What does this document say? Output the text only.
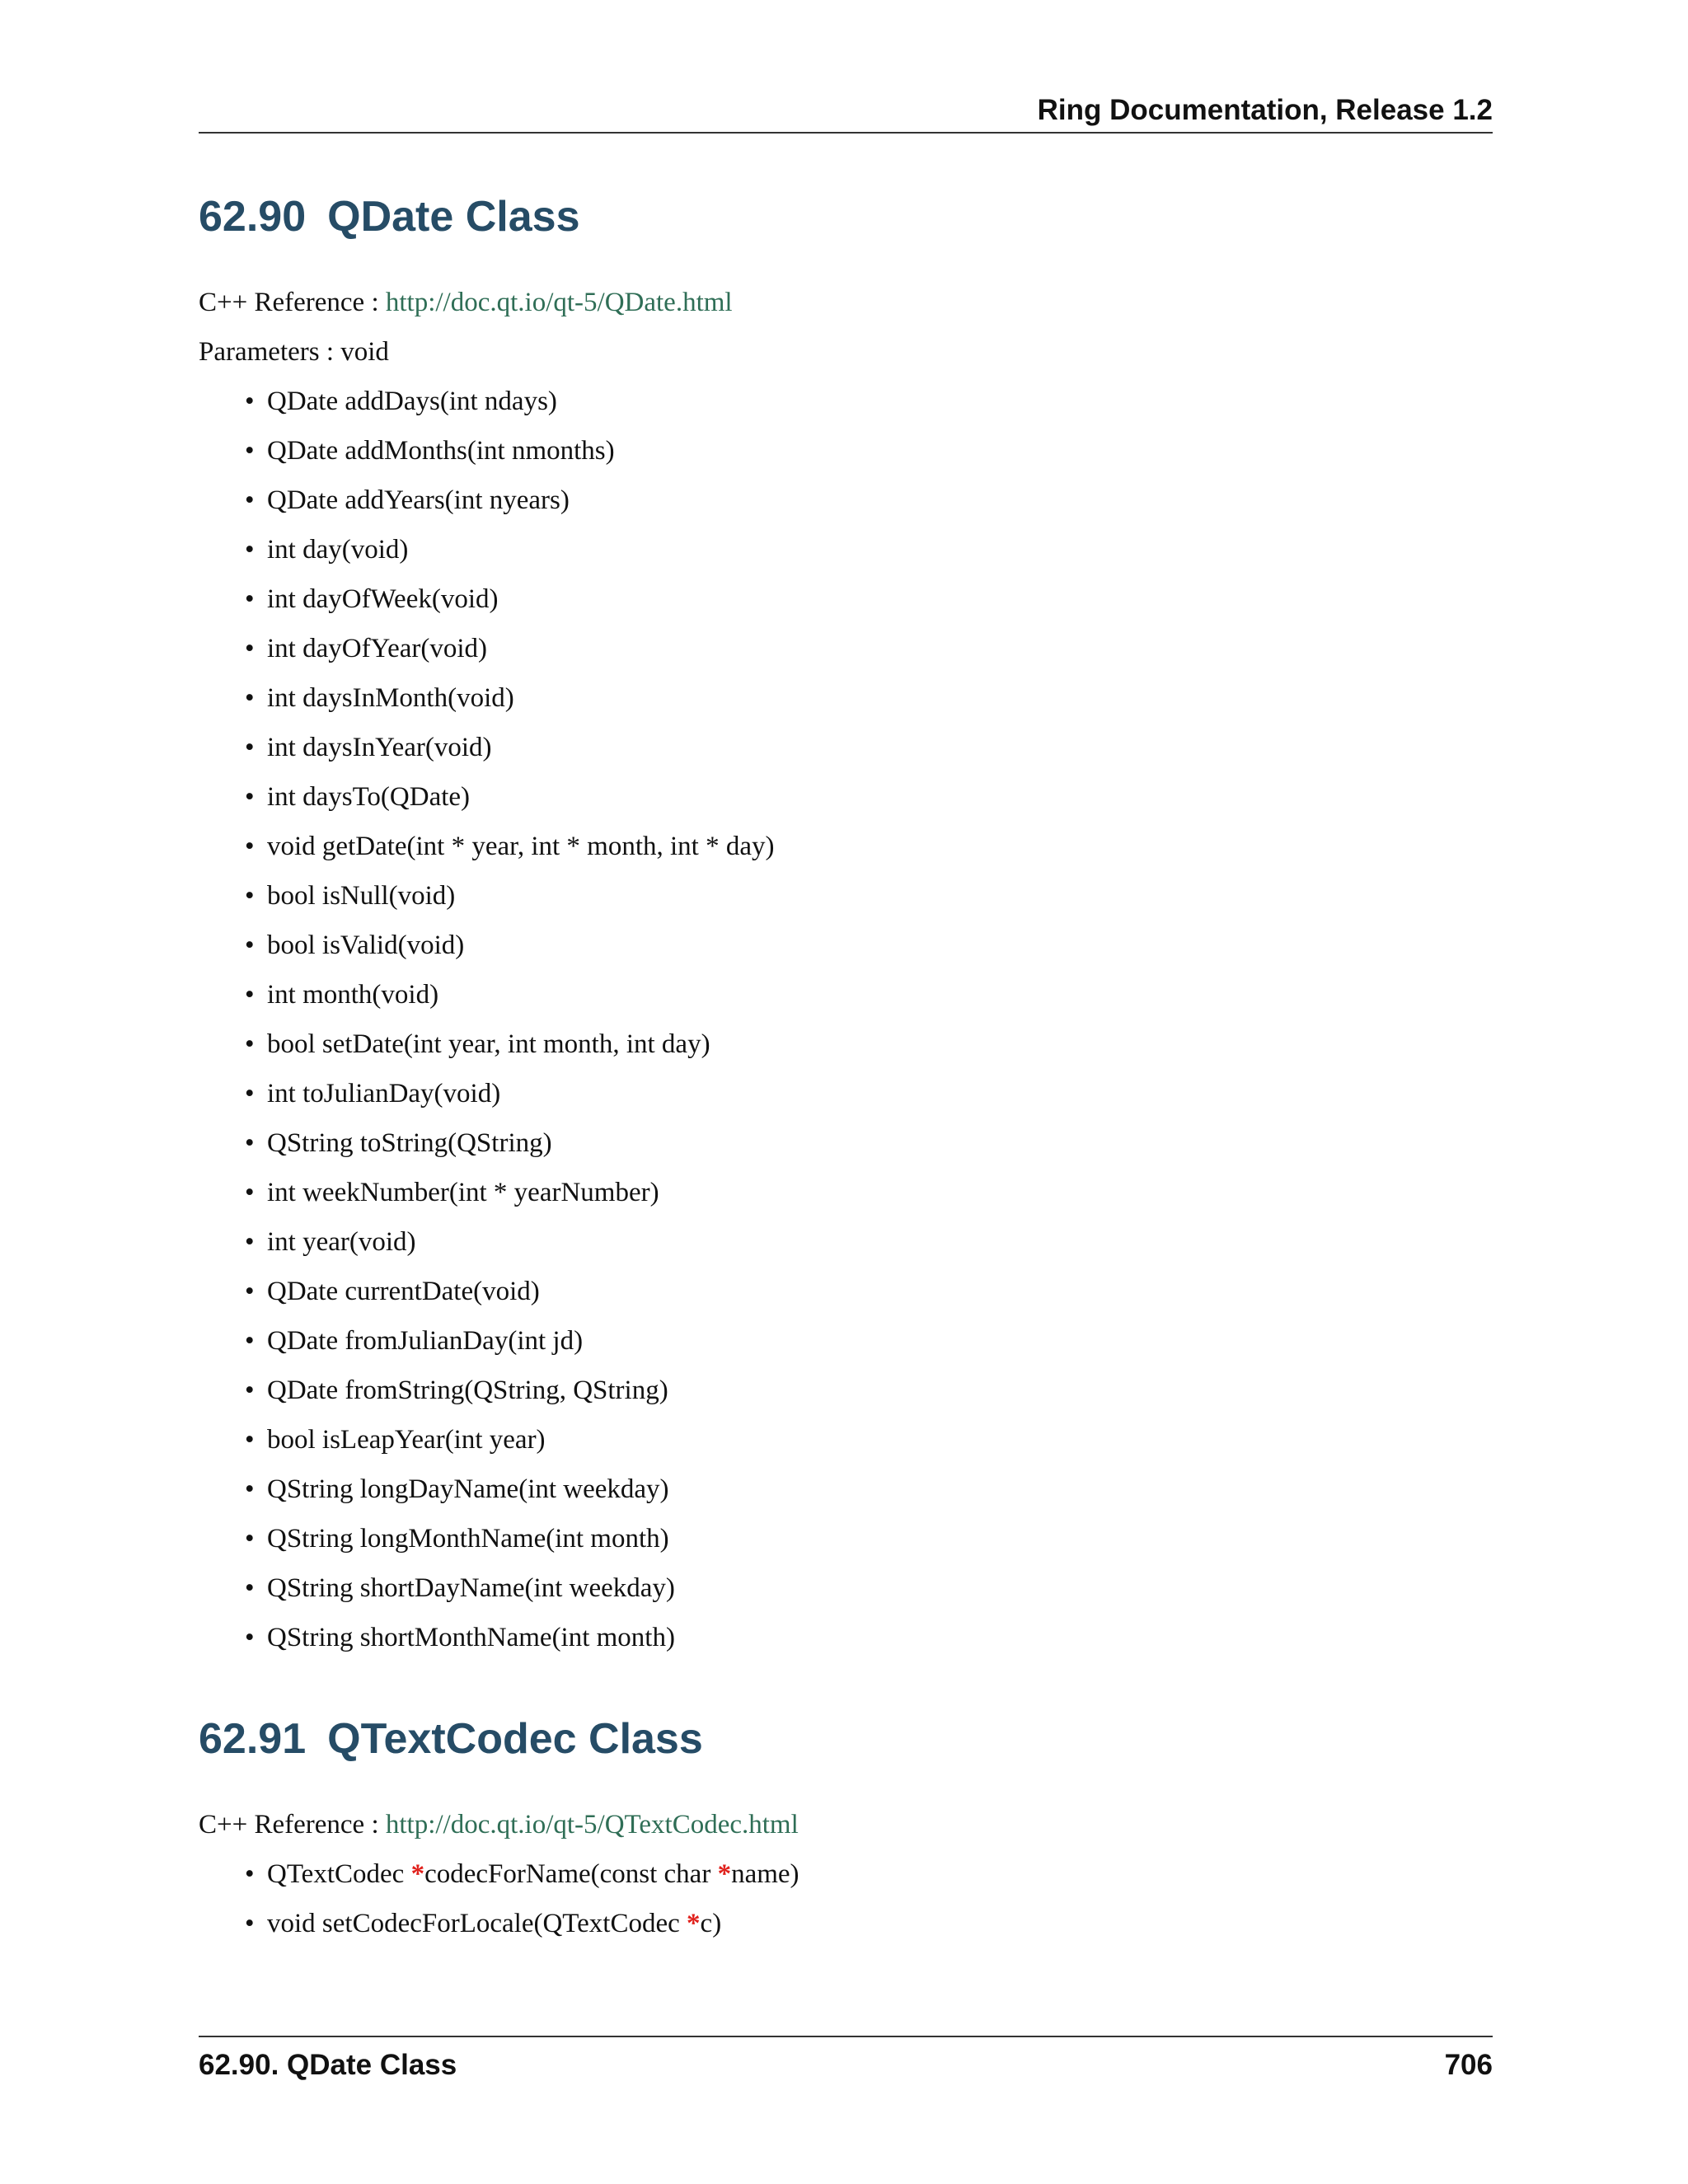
Ring Documentation, Release 1.2
62.90 QDate Class

C++ Reference : http://doc.qt.io/qt-5/QDate.html

Parameters : void

• QDate addDays(int ndays)
• QDate addMonths(int nmonths)
• QDate addYears(int nyears)
• int day(void)
• int dayOfWeek(void)
• int dayOfYear(void)
• int daysInMonth(void)
• int daysInYear(void)
• int daysTo(QDate)
• void getDate(int * year, int * month, int * day)
• bool isNull(void)
• bool isValid(void)
• int month(void)
• bool setDate(int year, int month, int day)
• int toJulianDay(void)
• QString toString(QString)
• int weekNumber(int * yearNumber)
• int year(void)
• QDate currentDate(void)
• QDate fromJulianDay(int jd)
• QDate fromString(QString, QString)
• bool isLeapYear(int year)
• QString longDayName(int weekday)
• QString longMonthName(int month)
• QString shortDayName(int weekday)
• QString shortMonthName(int month)
62.91 QTextCodec Class

C++ Reference : http://doc.qt.io/qt-5/QTextCodec.html

• QTextCodec *codecForName(const char *name)
• void setCodecForLocale(QTextCodec *c)
62.90. QDate Class	706
